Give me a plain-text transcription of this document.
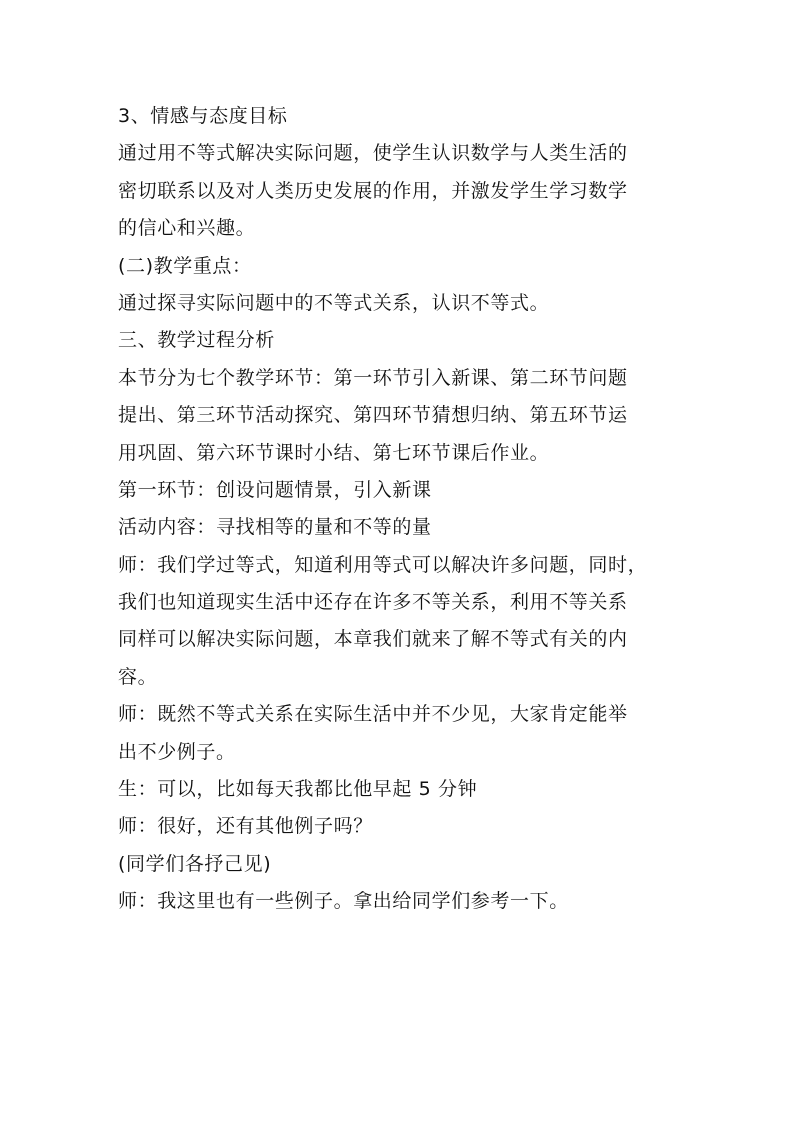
3、情感与态度目标
通过用不等式解决实际问题，使学生认识数学与人类生活的
密切联系以及对人类历史发展的作用，并激发学生学习数学
的信心和兴趣。
(二)教学重点：
通过探寻实际问题中的不等式关系，认识不等式。
三、教学过程分析
本节分为七个教学环节：第一环节引入新课、第二环节问题
提出、第三环节活动探究、第四环节猜想归纳、第五环节运
用巩固、第六环节课时小结、第七环节课后作业。
第一环节：创设问题情景，引入新课
活动内容：寻找相等的量和不等的量
师：我们学过等式，知道利用等式可以解决许多问题，同时，
我们也知道现实生活中还存在许多不等关系，利用不等关系
同样可以解决实际问题，本章我们就来了解不等式有关的内
容。
师：既然不等式关系在实际生活中并不少见，大家肯定能举
出不少例子。
生：可以，比如每天我都比他早起 5 分钟
师：很好，还有其他例子吗？
(同学们各抒己见)
师：我这里也有一些例子。拿出给同学们参考一下。
